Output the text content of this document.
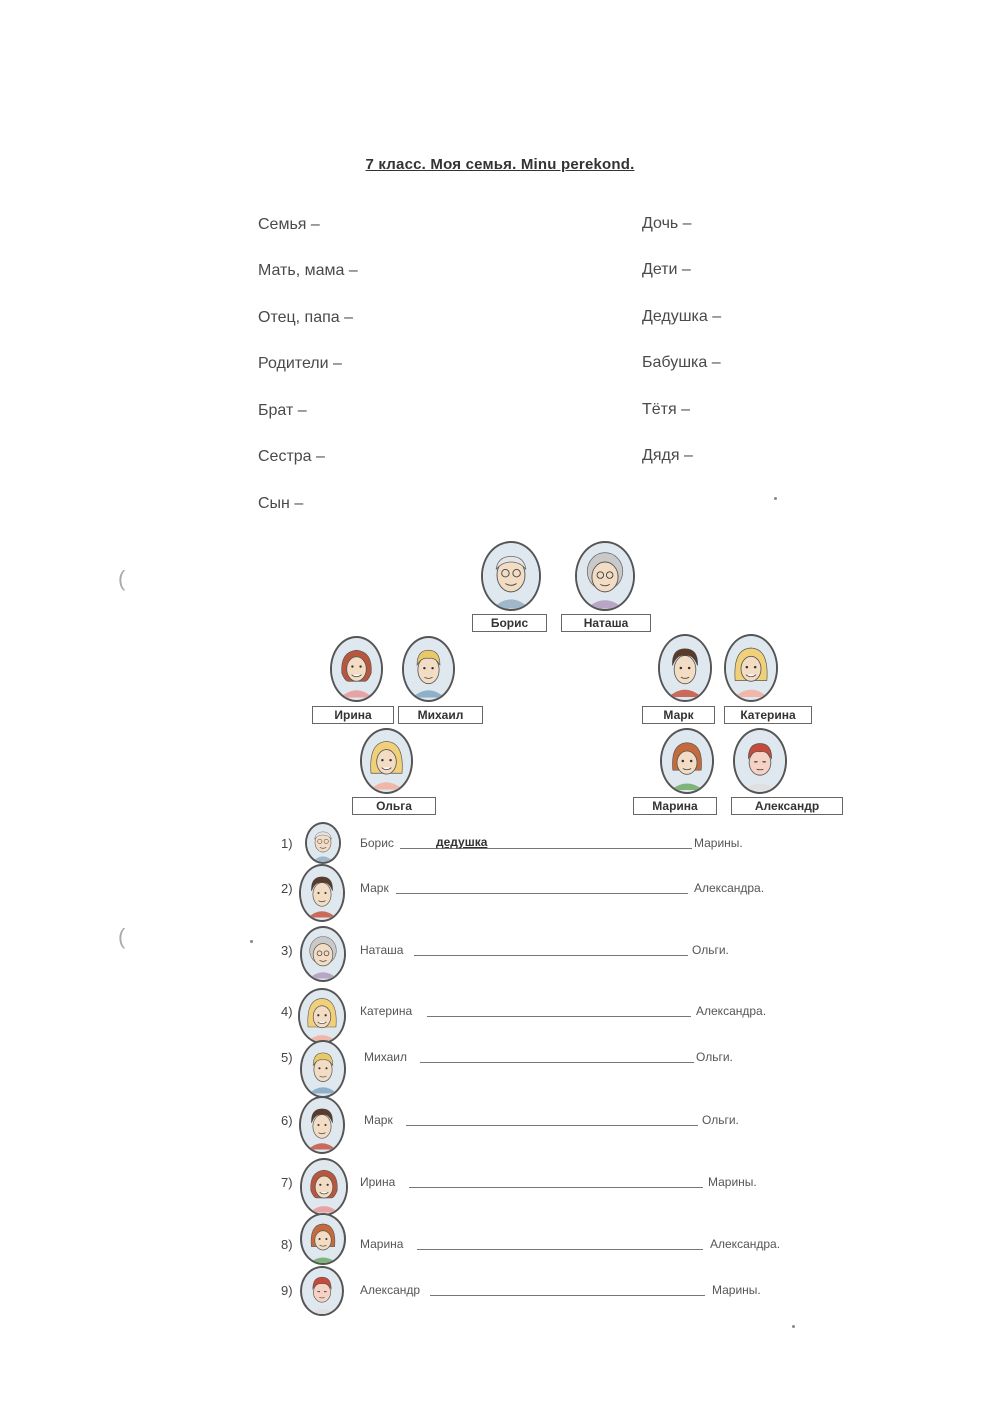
7 класс. Моя семья. Minu perekond.
Семья –
Мать, мама –
Отец, папа –
Родители –
Брат –
Сестра –
Сын –
Дочь –
Дети –
Дедушка –
Бабушка –
Тётя –
Дядя –
Борис	Наташа
Ирина	Михаил
Ольга
Марк	Катерина
Марина	Александр
1)	Борис	дедушка	Марины.
2)	Марк	Александра.
3)	Наташа	Ольги.
4)	Катерина	Александра.
5)	Михаил	Ольги.
6)	Марк	Ольги.
7)	Ирина	Марины.
8)	Марина	Александра.
9)	Александр	Марины.
(
(
